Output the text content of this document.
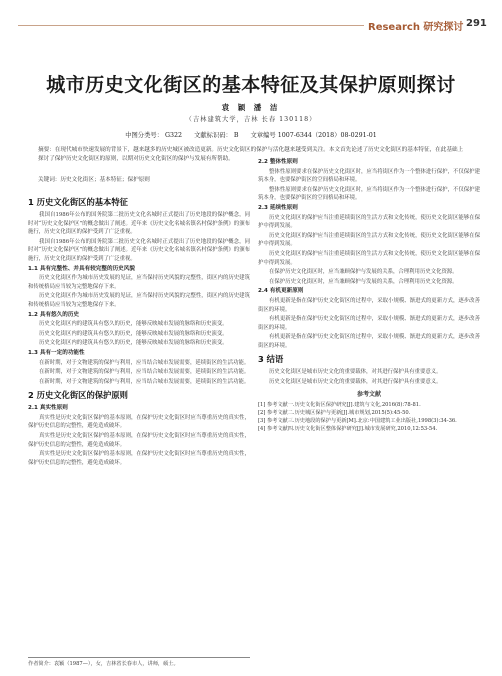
Research 研究探讨 291
城市历史文化街区的基本特征及其保护原则探讨
袁 颖 潘 洁
（吉林建筑大学，吉林 长春 130118）
中图分类号： G322 文献标识码： B 文章编号 1007-6344（2018）08-0291-01
摘要：在现代城市快速发展的背景下，越来越多的历史城区被改造更新。历史文化街区的保护与活化越来越受到关注。本文首先论述了历史文化街区的基本特征，在此基础上探讨了保护历史文化街区的原则，以期对历史文化街区的保护与发展有所帮助。
关键词：历史文化街区；基本特征；保护原则
1 历史文化街区的基本特征
我国自1986年公布的国务院第二批历史文化名城时正式提出了历史地段的保护概念，同时对“历史文化保护区”的概念做出了阐述。近年来《历史文化名城名镇名村保护条例》的颁布施行，历史文化街区的保护受到了广泛重视。
我国自1986年公布的国务院第二批历史文化名城时正式提出了历史地段的保护概念，同时对“历史文化保护区”的概念做出了阐述。近年来《历史文化名城名镇名村保护条例》的颁布施行，历史文化街区的保护受到了广泛重视。
1.1 具有完整性、并具有较完整的历史风貌
历史文化街区作为城市历史发展的见证，应当保持历史风貌的完整性，街区内的历史建筑和传统格局应当较为完整地保存下来。
历史文化街区作为城市历史发展的见证，应当保持历史风貌的完整性，街区内的历史建筑和传统格局应当较为完整地保存下来。
1.2 具有悠久的历史
历史文化街区内的建筑具有悠久的历史，能够反映城市发展的脉络和历史演变。
历史文化街区内的建筑具有悠久的历史，能够反映城市发展的脉络和历史演变。
历史文化街区内的建筑具有悠久的历史，能够反映城市发展的脉络和历史演变。
1.3 具有一定的功能性
在新时期，对于文物建筑的保护与利用，应当结合城市发展需要，延续街区的生活功能。
在新时期，对于文物建筑的保护与利用，应当结合城市发展需要，延续街区的生活功能。
在新时期，对于文物建筑的保护与利用，应当结合城市发展需要，延续街区的生活功能。
2 历史文化街区的保护原则
2.1 真实性原则
真实性是历史文化街区保护的基本原则，在保护历史文化街区时应当尊重历史的真实性，保护历史信息的完整性，避免造成破坏。
真实性是历史文化街区保护的基本原则，在保护历史文化街区时应当尊重历史的真实性，保护历史信息的完整性，避免造成破坏。
真实性是历史文化街区保护的基本原则，在保护历史文化街区时应当尊重历史的真实性，保护历史信息的完整性，避免造成破坏。
2.2 整体性原则
整体性原则要求在保护历史文化街区时，应当将街区作为一个整体进行保护，不仅保护建筑本身，也要保护街区的空间格局和环境。
整体性原则要求在保护历史文化街区时，应当将街区作为一个整体进行保护，不仅保护建筑本身，也要保护街区的空间格局和环境。
2.3 延续性原则
历史文化街区的保护应当注重延续街区的生活方式和文化传统，使历史文化街区能够在保护中得到发展。
历史文化街区的保护应当注重延续街区的生活方式和文化传统，使历史文化街区能够在保护中得到发展。
历史文化街区的保护应当注重延续街区的生活方式和文化传统，使历史文化街区能够在保护中得到发展。
在保护历史文化街区时，应当兼顾保护与发展的关系，合理利用历史文化资源。
在保护历史文化街区时，应当兼顾保护与发展的关系，合理利用历史文化资源。
2.4 有机更新原则
有机更新是指在保护历史文化街区的过程中，采取小规模、渐进式的更新方式，逐步改善街区的环境。
有机更新是指在保护历史文化街区的过程中，采取小规模、渐进式的更新方式，逐步改善街区的环境。
有机更新是指在保护历史文化街区的过程中，采取小规模、渐进式的更新方式，逐步改善街区的环境。
3 结语
历史文化街区是城市历史文化的重要载体，对其进行保护具有重要意义。
历史文化街区是城市历史文化的重要载体，对其进行保护具有重要意义。
参考文献
[1] 参考文献一.历史文化街区保护研究[J].建筑与文化,2016(8):78-81.
[2] 参考文献二.历史城区保护与更新[J].城市规划,2015(5):45-50.
[3] 参考文献三.历史地段的保护与更新[M].北京:中国建筑工业出版社,1998(3):34-36.
[4] 参考文献四.历史文化街区整体保护研究[J].城市发展研究,2010,12:53-54.
作者简介：袁颖（1987—），女，吉林省长春市人，讲师，硕士。
